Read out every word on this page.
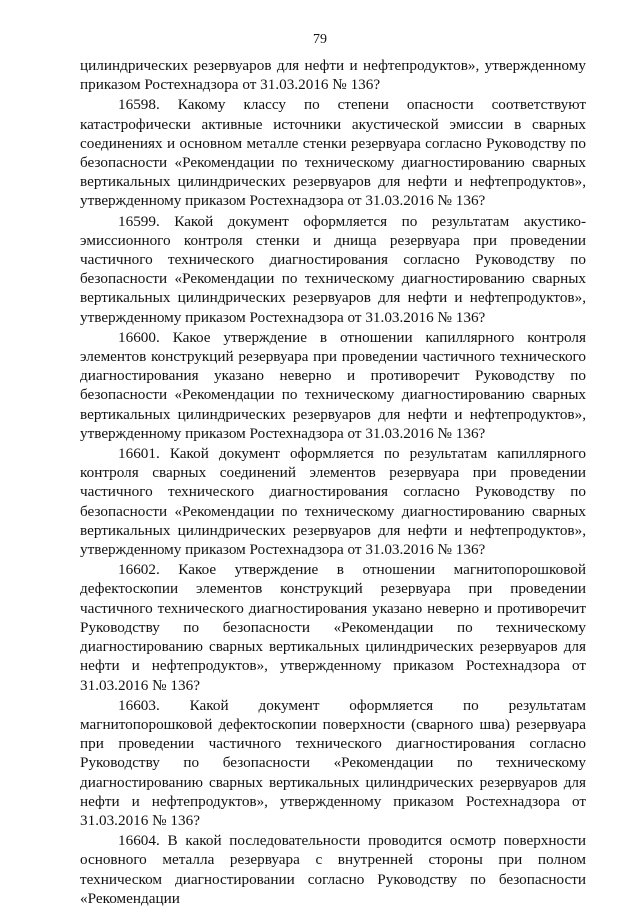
79

цилиндрических резервуаров для нефти и нефтепродуктов», утвержденному приказом Ростехнадзора от 31.03.2016 № 136?

16598. Какому классу по степени опасности соответствуют катастрофически активные источники акустической эмиссии в сварных соединениях и основном металле стенки резервуара согласно Руководству по безопасности «Рекомендации по техническому диагностированию сварных вертикальных цилиндрических резервуаров для нефти и нефтепродуктов», утвержденному приказом Ростехнадзора от 31.03.2016 № 136?

16599. Какой документ оформляется по результатам акустико-эмиссионного контроля стенки и днища резервуара при проведении частичного технического диагностирования согласно Руководству по безопасности «Рекомендации по техническому диагностированию сварных вертикальных цилиндрических резервуаров для нефти и нефтепродуктов», утвержденному приказом Ростехнадзора от 31.03.2016 № 136?

16600. Какое утверждение в отношении капиллярного контроля элементов конструкций резервуара при проведении частичного технического диагностирования указано неверно и противоречит Руководству по безопасности «Рекомендации по техническому диагностированию сварных вертикальных цилиндрических резервуаров для нефти и нефтепродуктов», утвержденному приказом Ростехнадзора от 31.03.2016 № 136?

16601. Какой документ оформляется по результатам капиллярного контроля сварных соединений элементов резервуара при проведении частичного технического диагностирования согласно Руководству по безопасности «Рекомендации по техническому диагностированию сварных вертикальных цилиндрических резервуаров для нефти и нефтепродуктов», утвержденному приказом Ростехнадзора от 31.03.2016 № 136?

16602. Какое утверждение в отношении магнитопорошковой дефектоскопии элементов конструкций резервуара при проведении частичного технического диагностирования указано неверно и противоречит Руководству по безопасности «Рекомендации по техническому диагностированию сварных вертикальных цилиндрических резервуаров для нефти и нефтепродуктов», утвержденному приказом Ростехнадзора от 31.03.2016 № 136?

16603. Какой документ оформляется по результатам магнитопорошковой дефектоскопии поверхности (сварного шва) резервуара при проведении частичного технического диагностирования согласно Руководству по безопасности «Рекомендации по техническому диагностированию сварных вертикальных цилиндрических резервуаров для нефти и нефтепродуктов», утвержденному приказом Ростехнадзора от 31.03.2016 № 136?

16604. В какой последовательности проводится осмотр поверхности основного металла резервуара с внутренней стороны при полном техническом диагностировании согласно Руководству по безопасности «Рекомендации
